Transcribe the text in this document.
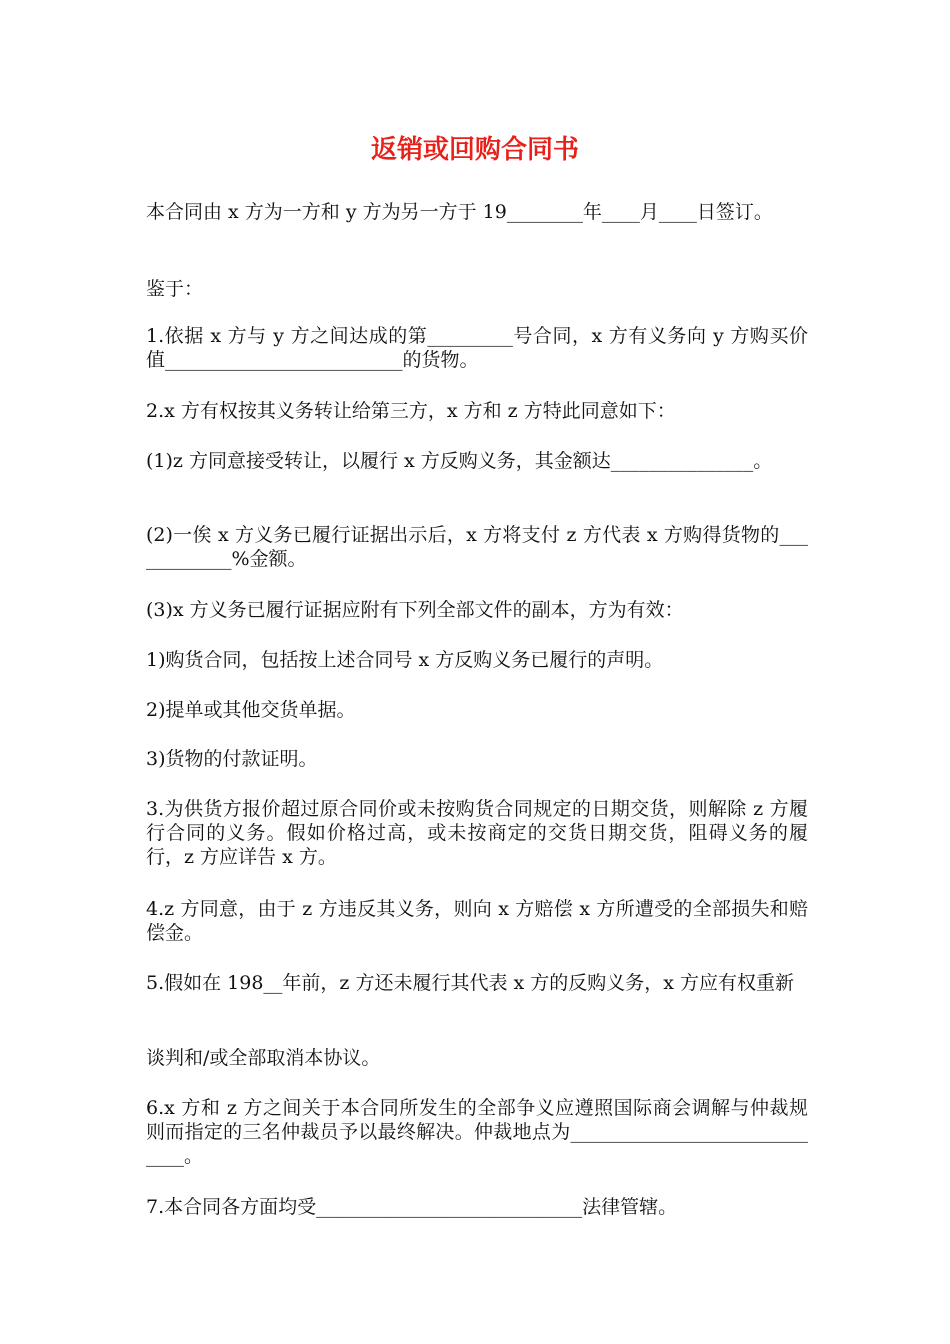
返销或回购合同书

本合同由 x 方为一方和 y 方为另一方于 19________年____月____日签订。

鉴于：

1.依据 x 方与 y 方之间达成的第_________号合同，x 方有义务向 y 方购买价值_________________________的货物。

2.x 方有权按其义务转让给第三方，x 方和 z 方特此同意如下：

(1)z 方同意接受转让，以履行 x 方反购义务，其金额达_______________。

(2)一俟 x 方义务已履行证据出示后，x 方将支付 z 方代表 x 方购得货物的____________%金额。

(3)x 方义务已履行证据应附有下列全部文件的副本，方为有效：

1)购货合同，包括按上述合同号 x 方反购义务已履行的声明。

2)提单或其他交货单据。

3)货物的付款证明。

3.为供货方报价超过原合同价或未按购货合同规定的日期交货，则解除 z 方履行合同的义务。假如价格过高，或未按商定的交货日期交货，阻碍义务的履行，z 方应详告 x 方。

4.z 方同意，由于 z 方违反其义务，则向 x 方赔偿 x 方所遭受的全部损失和赔偿金。

5.假如在 198__年前，z 方还未履行其代表 x 方的反购义务，x 方应有权重新

谈判和/或全部取消本协议。

6.x 方和 z 方之间关于本合同所发生的全部争义应遵照国际商会调解与仲裁规则而指定的三名仲裁员予以最终解决。仲裁地点为_____________________________。

7.本合同各方面均受____________________________法律管辖。
